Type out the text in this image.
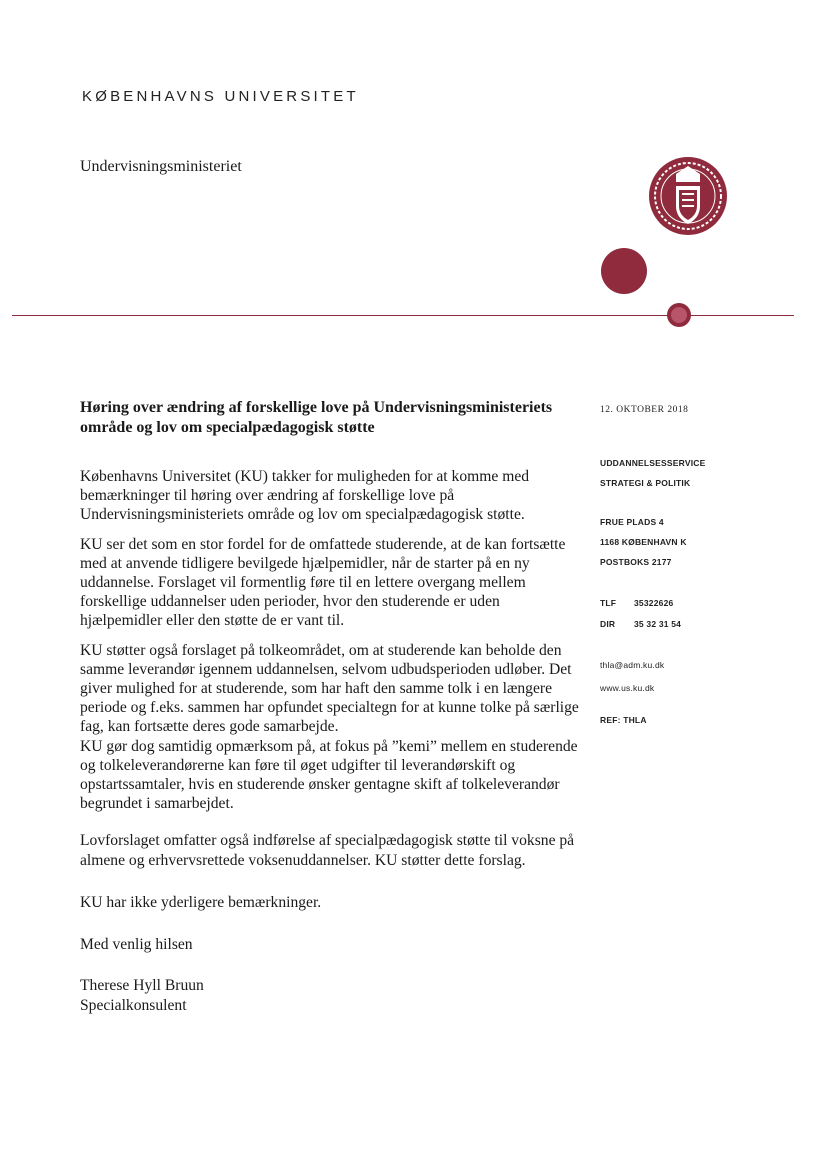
KØBENHAVNS UNIVERSITET
Undervisningsministeriet
Høring over ændring af forskellige love på Undervisningsministeriets område og lov om specialpædagogisk støtte

Københavns Universitet (KU) takker for muligheden for at komme med bemærkninger til høring over ændring af forskellige love på Undervisningsministeriets område og lov om specialpædagogisk støtte.

KU ser det som en stor fordel for de omfattede studerende, at de kan fortsætte med at anvende tidligere bevilgede hjælpemidler, når de starter på en ny uddannelse. Forslaget vil formentlig føre til en lettere overgang mellem forskellige uddannelser uden perioder, hvor den studerende er uden hjælpemidler eller den støtte de er vant til.

KU støtter også forslaget på tolkeområdet, om at studerende kan beholde den samme leverandør igennem uddannelsen, selvom udbudsperioden udløber. Det giver mulighed for at studerende, som har haft den samme tolk i en længere periode og f.eks. sammen har opfundet specialtegn for at kunne tolke på særlige fag, kan fortsætte deres gode samarbejde.

KU gør dog samtidig opmærksom på, at fokus på ”kemi” mellem en studerende og tolkeleverandørerne kan føre til øget udgifter til leverandørskift og opstartssamtaler, hvis en studerende ønsker gentagne skift af tolkeleverandør begrundet i samarbejdet.

Lovforslaget omfatter også indførelse af specialpædagogisk støtte til voksne på almene og erhvervsrettede voksenuddannelser. KU støtter dette forslag.

KU har ikke yderligere bemærkninger.
Med venlig hilsen
Therese Hyll Bruun
Specialkonsulent
12. OKTOBER 2018
UDDANNELSESSERVICE
STRATEGI & POLITIK
FRUE PLADS 4
1168 KØBENHAVN K
POSTBOKS 2177
TLF 35322626
DIR 35 32 31 54
thla@adm.ku.dk
www.us.ku.dk
REF: THLA
